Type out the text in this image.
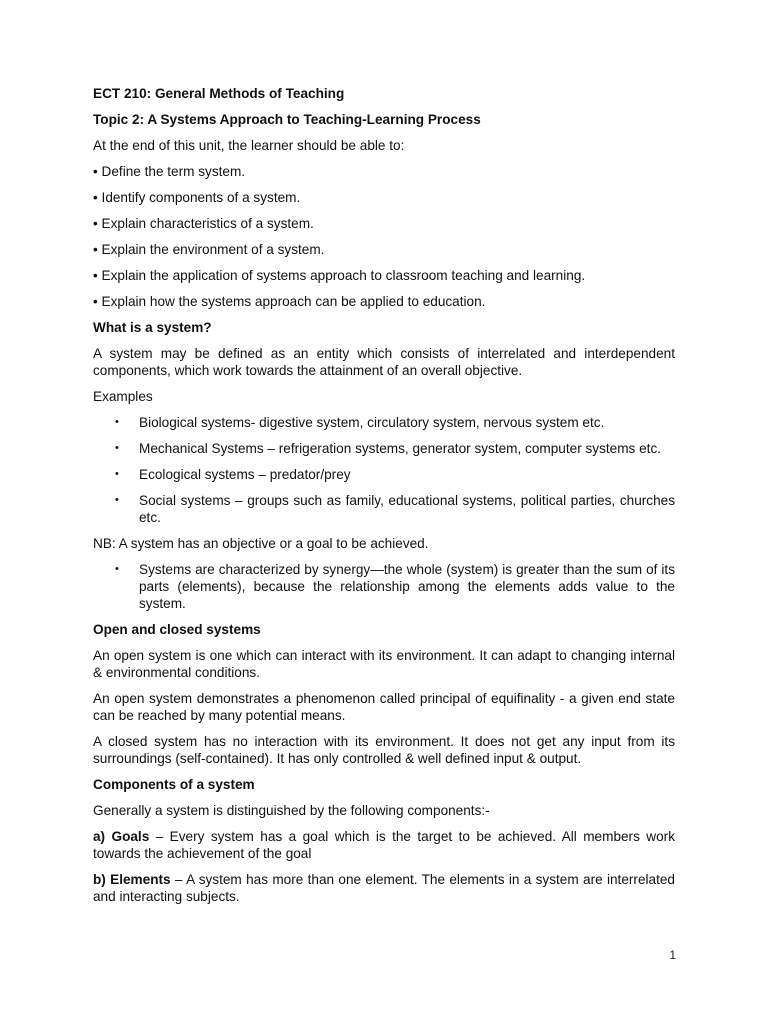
ECT 210: General Methods of Teaching

Topic 2: A Systems Approach to Teaching-Learning Process

At the end of this unit, the learner should be able to:

• Define the term system.

• Identify components of a system.

• Explain characteristics of a system.

• Explain the environment of a system.

• Explain the application of systems approach to classroom teaching and learning.

• Explain how the systems approach can be applied to education.

What is a system?

A system may be defined as an entity which consists of interrelated and interdependent components, which work towards the attainment of an overall objective.

Examples

• Biological systems- digestive system, circulatory system, nervous system etc.
• Mechanical Systems – refrigeration systems, generator system, computer systems etc.
• Ecological systems – predator/prey
• Social systems – groups such as family, educational systems, political parties, churches etc.

NB: A system has an objective or a goal to be achieved.

• Systems are characterized by synergy—the whole (system) is greater than the sum of its parts (elements), because the relationship among the elements adds value to the system.

Open and closed systems

An open system is one which can interact with its environment. It can adapt to changing internal & environmental conditions.

An open system demonstrates a phenomenon called principal of equifinality - a given end state can be reached by many potential means.

A closed system has no interaction with its environment. It does not get any input from its surroundings (self-contained). It has only controlled & well defined input & output.

Components of a system

Generally a system is distinguished by the following components:-

a) Goals – Every system has a goal which is the target to be achieved. All members work towards the achievement of the goal

b) Elements – A system has more than one element. The elements in a system are interrelated and interacting subjects.

1
